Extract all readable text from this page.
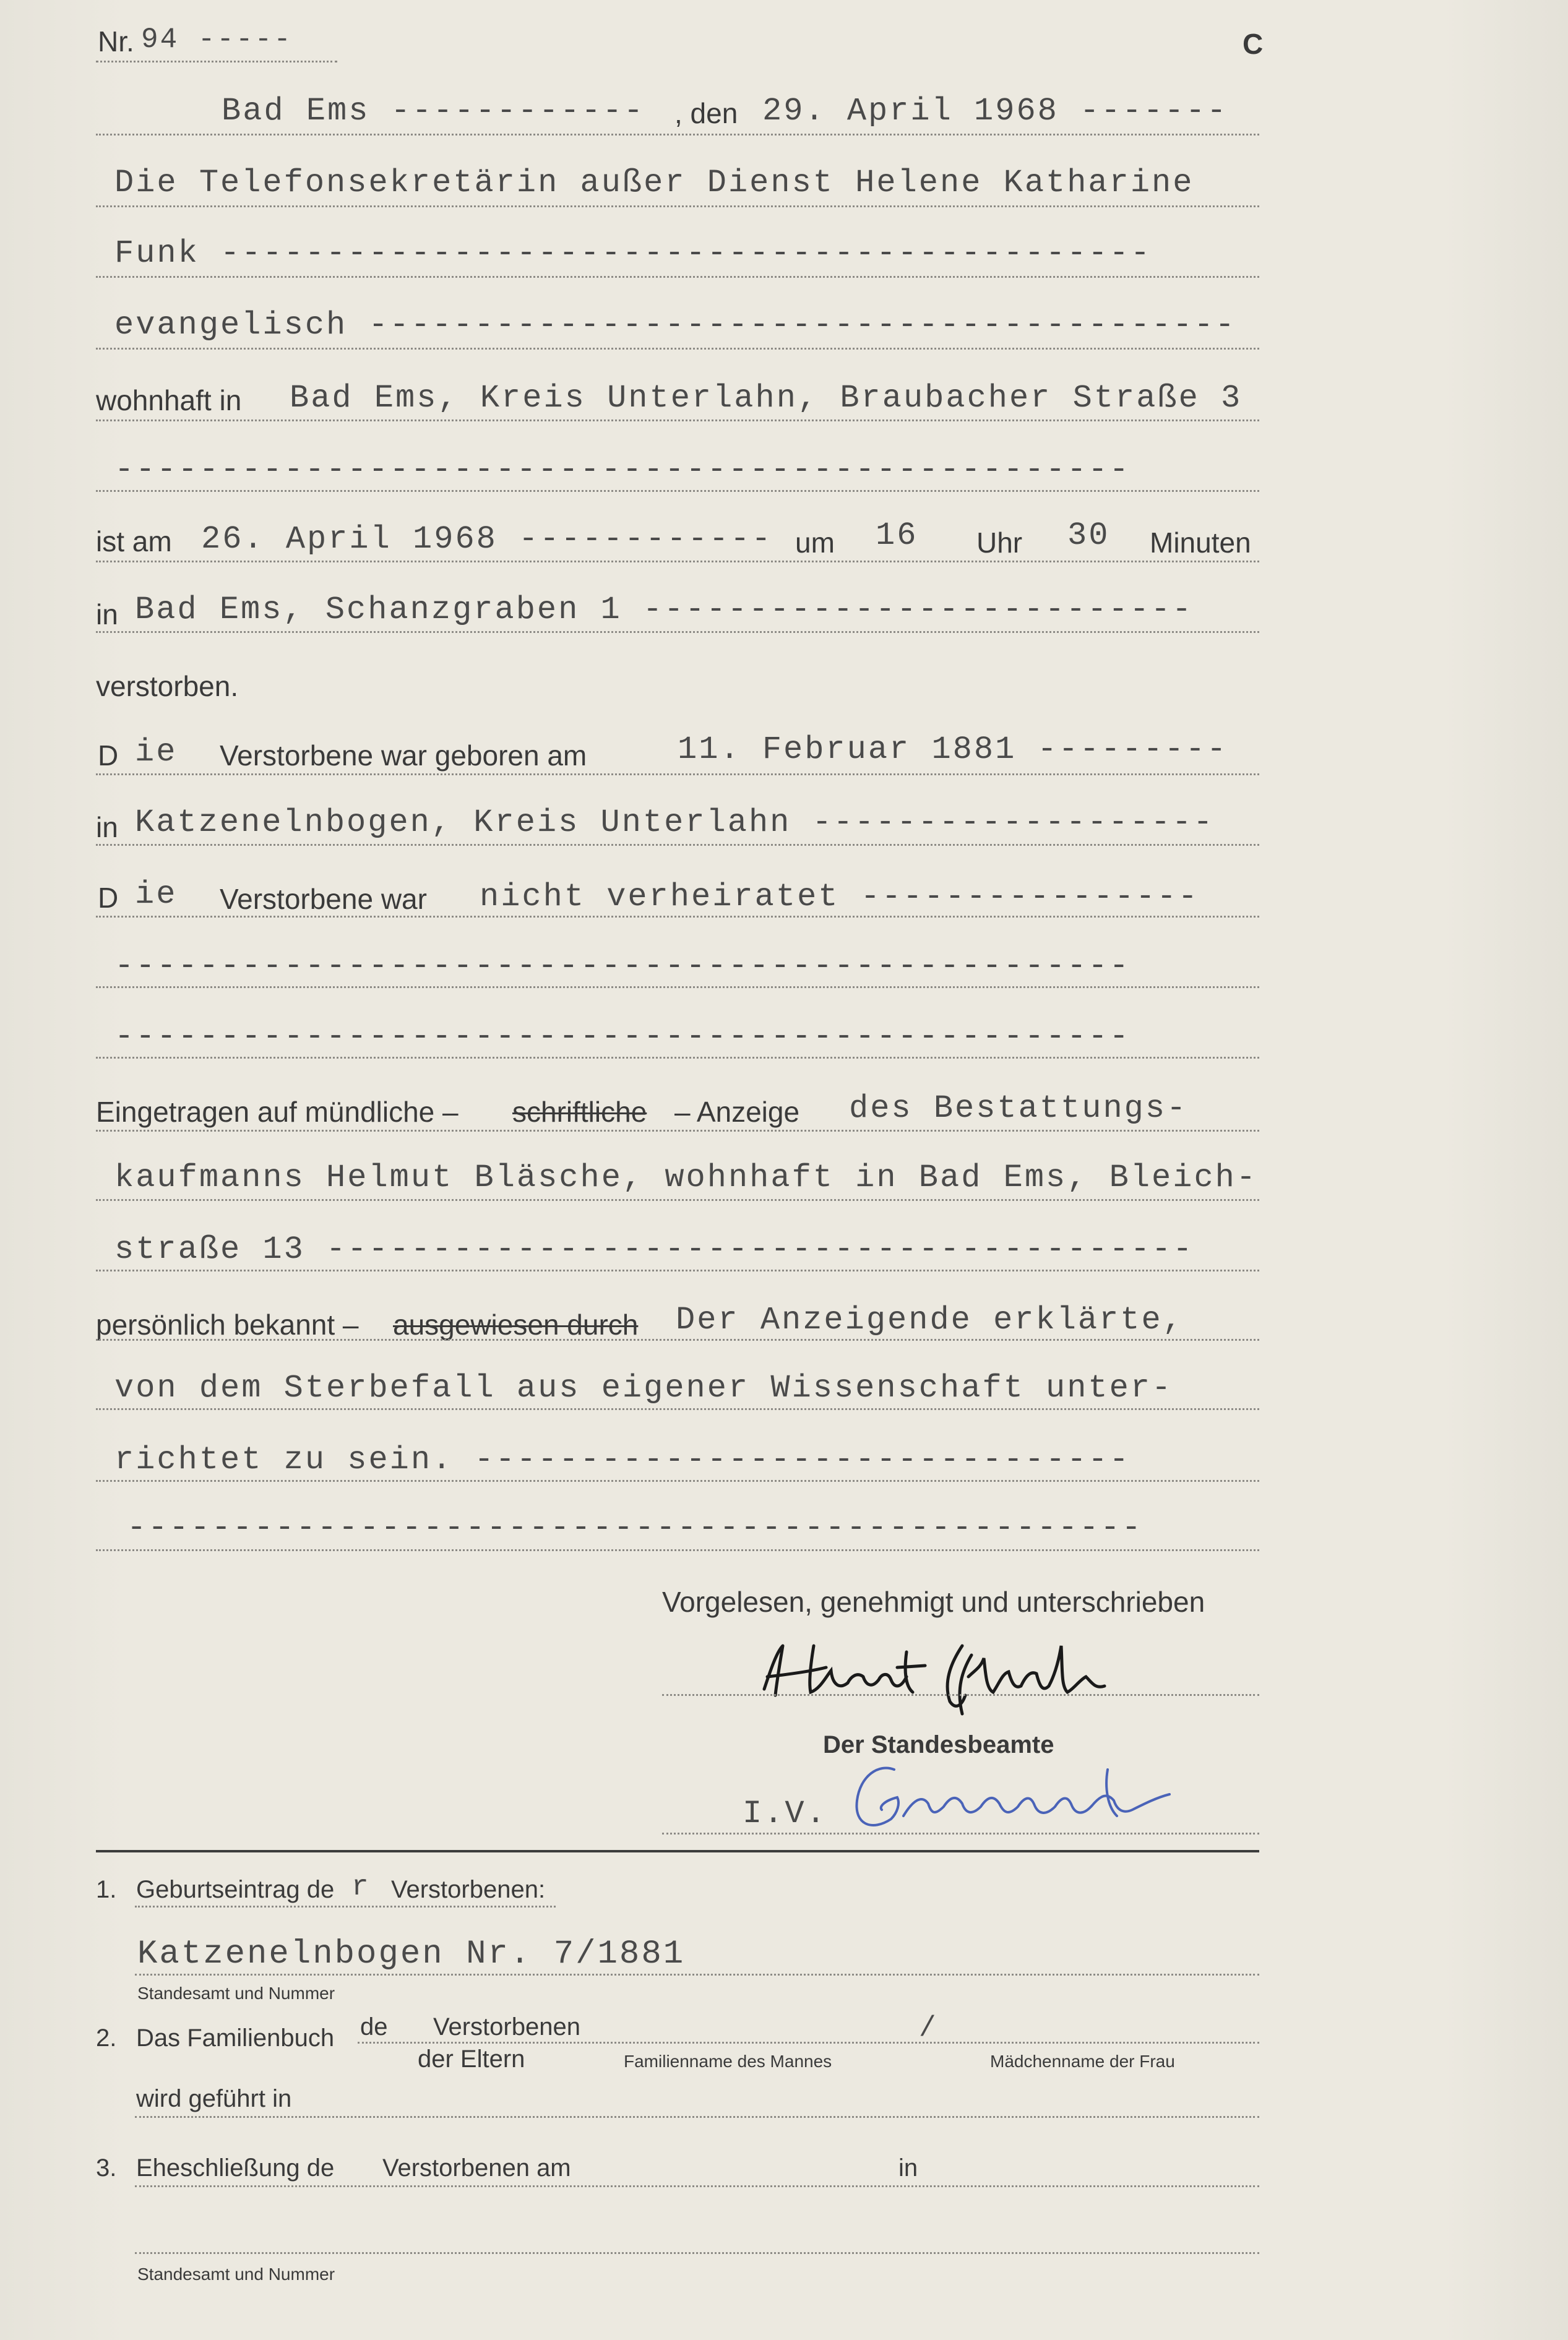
Nr. 94 -----	C
Bad Ems ------------ , den 29. April 1968 -------
Die Telefonsekretärin außer Dienst Helene Katharine
Funk --------------------------------------------
evangelisch -----------------------------------------
wohnhaft in Bad Ems, Kreis Unterlahn, Braubacher Straße 3
------------------------------------------------
ist am 26. April 1968 ------------ um 16 Uhr 30 Minuten
in Bad Ems, Schanzgraben 1 --------------------------
verstorben.
D ie Verstorbene war geboren am	11. Februar 1881 ---------
in Katzenelnbogen, Kreis Unterlahn -------------------
D ie Verstorbene war nicht verheiratet ----------------
------------------------------------------------
------------------------------------------------
Eingetragen auf mündliche – schriftliche – Anzeige des Bestattungs-
kaufmanns Helmut Bläsche, wohnhaft in Bad Ems, Bleich-
straße 13 -----------------------------------------
persönlich bekannt – ausgewiesen durch Der Anzeigende erklärte,
von dem Sterbefall aus eigener Wissenschaft unter-
richtet zu sein. -------------------------------
------------------------------------------------
Vorgelesen, genehmigt und unterschrieben
Der Standesbeamte
I.V.
1. Geburtseintrag de r Verstorbenen:
Katzenelnbogen Nr. 7/1881
Standesamt und Nummer
2. Das Familienbuch de Verstorbenen	/
der Eltern	Familienname des Mannes	Mädchenname der Frau
wird geführt in
3. Eheschließung de Verstorbenen am	in
Standesamt und Nummer
